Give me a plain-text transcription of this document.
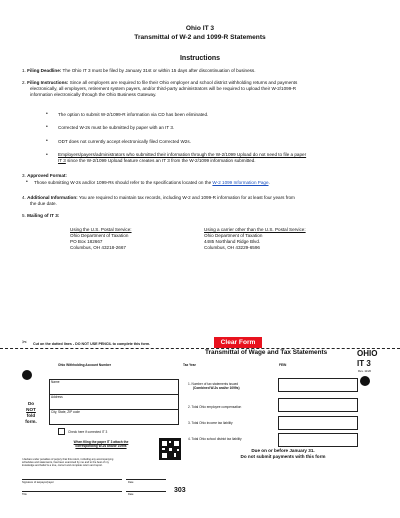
Ohio IT 3
Transmittal of W-2 and 1099-R Statements
Instructions
1. Filing Deadline: The Ohio IT 3 must be filed by January 31st or within 15 days after discontinuation of business.
2. Filing Instructions: Since all employers are required to file their Ohio employer and school district withholding returns and payments
electronically, all employers, retirement system payers, and/or third-party administrators will be required to upload their W-2/1099-R
information electronically through the Ohio Business Gateway.
• The option to submit W-2/1099-R information via CD has been eliminated.
• Corrected W-2s must be submitted by paper with an IT 3.
• ODT does not currently accept electronically filed Corrected W2s.
• Employers/payers/administrators who submitted their information through the W-2/1099 Upload do not need to file a paper
IT 3 since the W-2/1099 Upload feature creates an IT 3 from the W-2/1099 information submitted.
3. Approved Format:
• Those submitting W-2s and/or 1099-Rs should refer to the specifications located on the W-2 1099 Information Page.
4. Additional Information: You are required to maintain tax records, including W-2 and 1099-R information for at least four years from
the due date.
5. Mailing of IT 3:
Using the U.S. Postal Service:
Ohio Department of Taxation
PO Box 182667
Columbus, OH 43218-2667
Using a carrier other than the U.S. Postal Service:
Ohio Department of Taxation
4485 Northland Ridge Blvd.
Columbus, OH 43229-6596
✂ Cut on the dotted lines - DO NOT USE PENCIL to complete this form.	Clear Form
Transmittal of Wage and Tax Statements	OHIO
IT 3
Rev. 11/20
Ohio Withholding Account Number	Tax Year	FEIN
Name
Address
City, State, ZIP code
Do
NOT
fold
form.
Check here if corrected IT 3
When filing the paper IT 3 attach the
corresponding W-2s and/or 1099s
1. Number of tax statements issued
(Combined W-2s and/or 1099s)
2. Total Ohio employee compensation
3. Total Ohio income tax liability
4. Total Ohio school district tax liability
Due on or before January 31.
Do not submit payments with this form
I declare under penalties of perjury that this return, including any accompanying
schedules and statements, has been examined by me and to the best of my
knowledge and belief is a true, correct and complete return and report.
Signature of taxpayer/payer	Date
Title	Date
303
